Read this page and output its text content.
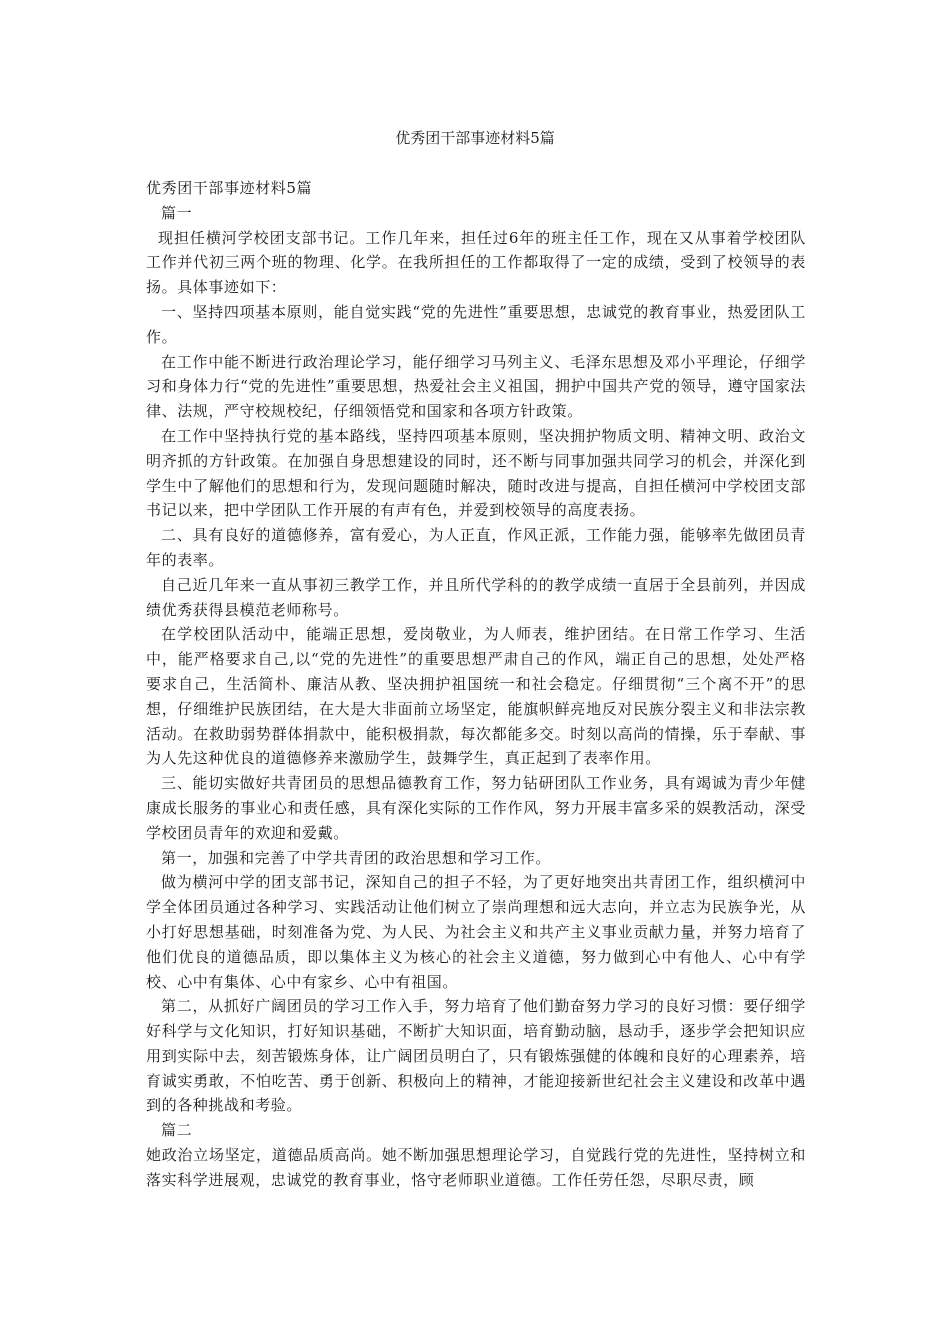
优秀团干部事迹材料5篇

优秀团干部事迹材料5篇

篇一

现担任横河学校团支部书记。工作几年来，担任过6年的班主任工作，现在又从事着学校团队工作并代初三两个班的物理、化学。在我所担任的工作都取得了一定的成绩，受到了校领导的表扬。具体事迹如下：

一、坚持四项基本原则，能自觉实践“党的先进性”重要思想，忠诚党的教育事业，热爱团队工作。

在工作中能不断进行政治理论学习，能仔细学习马列主义、毛泽东思想及邓小平理论，仔细学习和身体力行“党的先进性”重要思想，热爱社会主义祖国，拥护中国共产党的领导，遵守国家法律、法规，严守校规校纪，仔细领悟党和国家和各项方针政策。

在工作中坚持执行党的基本路线，坚持四项基本原则，坚决拥护物质文明、精神文明、政治文明齐抓的方针政策。在加强自身思想建设的同时，还不断与同事加强共同学习的机会，并深化到学生中了解他们的思想和行为，发现问题随时解决，随时改进与提高，自担任横河中学校团支部书记以来，把中学团队工作开展的有声有色，并爱到校领导的高度表扬。

二、具有良好的道德修养，富有爱心，为人正直，作风正派，工作能力强，能够率先做团员青年的表率。

自己近几年来一直从事初三教学工作，并且所代学科的的教学成绩一直居于全县前列，并因成绩优秀获得县模范老师称号。

在学校团队活动中，能端正思想，爱岗敬业，为人师表，维护团结。在日常工作学习、生活中，能严格要求自己,以“党的先进性”的重要思想严肃自己的作风，端正自己的思想，处处严格要求自己，生活简朴、廉洁从教、坚决拥护祖国统一和社会稳定。仔细贯彻“三个离不开”的思想，仔细维护民族团结，在大是大非面前立场坚定，能旗帜鲜亮地反对民族分裂主义和非法宗教活动。在救助弱势群体捐款中，能积极捐款，每次都能多交。时刻以高尚的情操，乐于奉献、事为人先这种优良的道德修养来激励学生，鼓舞学生，真正起到了表率作用。

三、能切实做好共青团员的思想品德教育工作，努力钻研团队工作业务，具有竭诚为青少年健康成长服务的事业心和责任感，具有深化实际的工作作风，努力开展丰富多采的娱教活动，深受学校团员青年的欢迎和爱戴。

第一，加强和完善了中学共青团的政治思想和学习工作。

做为横河中学的团支部书记，深知自己的担子不轻，为了更好地突出共青团工作，组织横河中学全体团员通过各种学习、实践活动让他们树立了崇尚理想和远大志向，并立志为民族争光，从小打好思想基础，时刻准备为党、为人民、为社会主义和共产主义事业贡献力量，并努力培育了他们优良的道德品质，即以集体主义为核心的社会主义道德，努力做到心中有他人、心中有学校、心中有集体、心中有家乡、心中有祖国。

第二，从抓好广阔团员的学习工作入手，努力培育了他们勤奋努力学习的良好习惯：要仔细学好科学与文化知识，打好知识基础，不断扩大知识面，培育勤动脑，恳动手，逐步学会把知识应用到实际中去，刻苦锻炼身体，让广阔团员明白了，只有锻炼强健的体魄和良好的心理素养，培育诚实勇敢，不怕吃苦、勇于创新、积极向上的精神，才能迎接新世纪社会主义建设和改革中遇到的各种挑战和考验。

篇二

她政治立场坚定，道德品质高尚。她不断加强思想理论学习，自觉践行党的先进性，坚持树立和落实科学进展观，忠诚党的教育事业，恪守老师职业道德。工作任劳任怨，尽职尽责，顾
